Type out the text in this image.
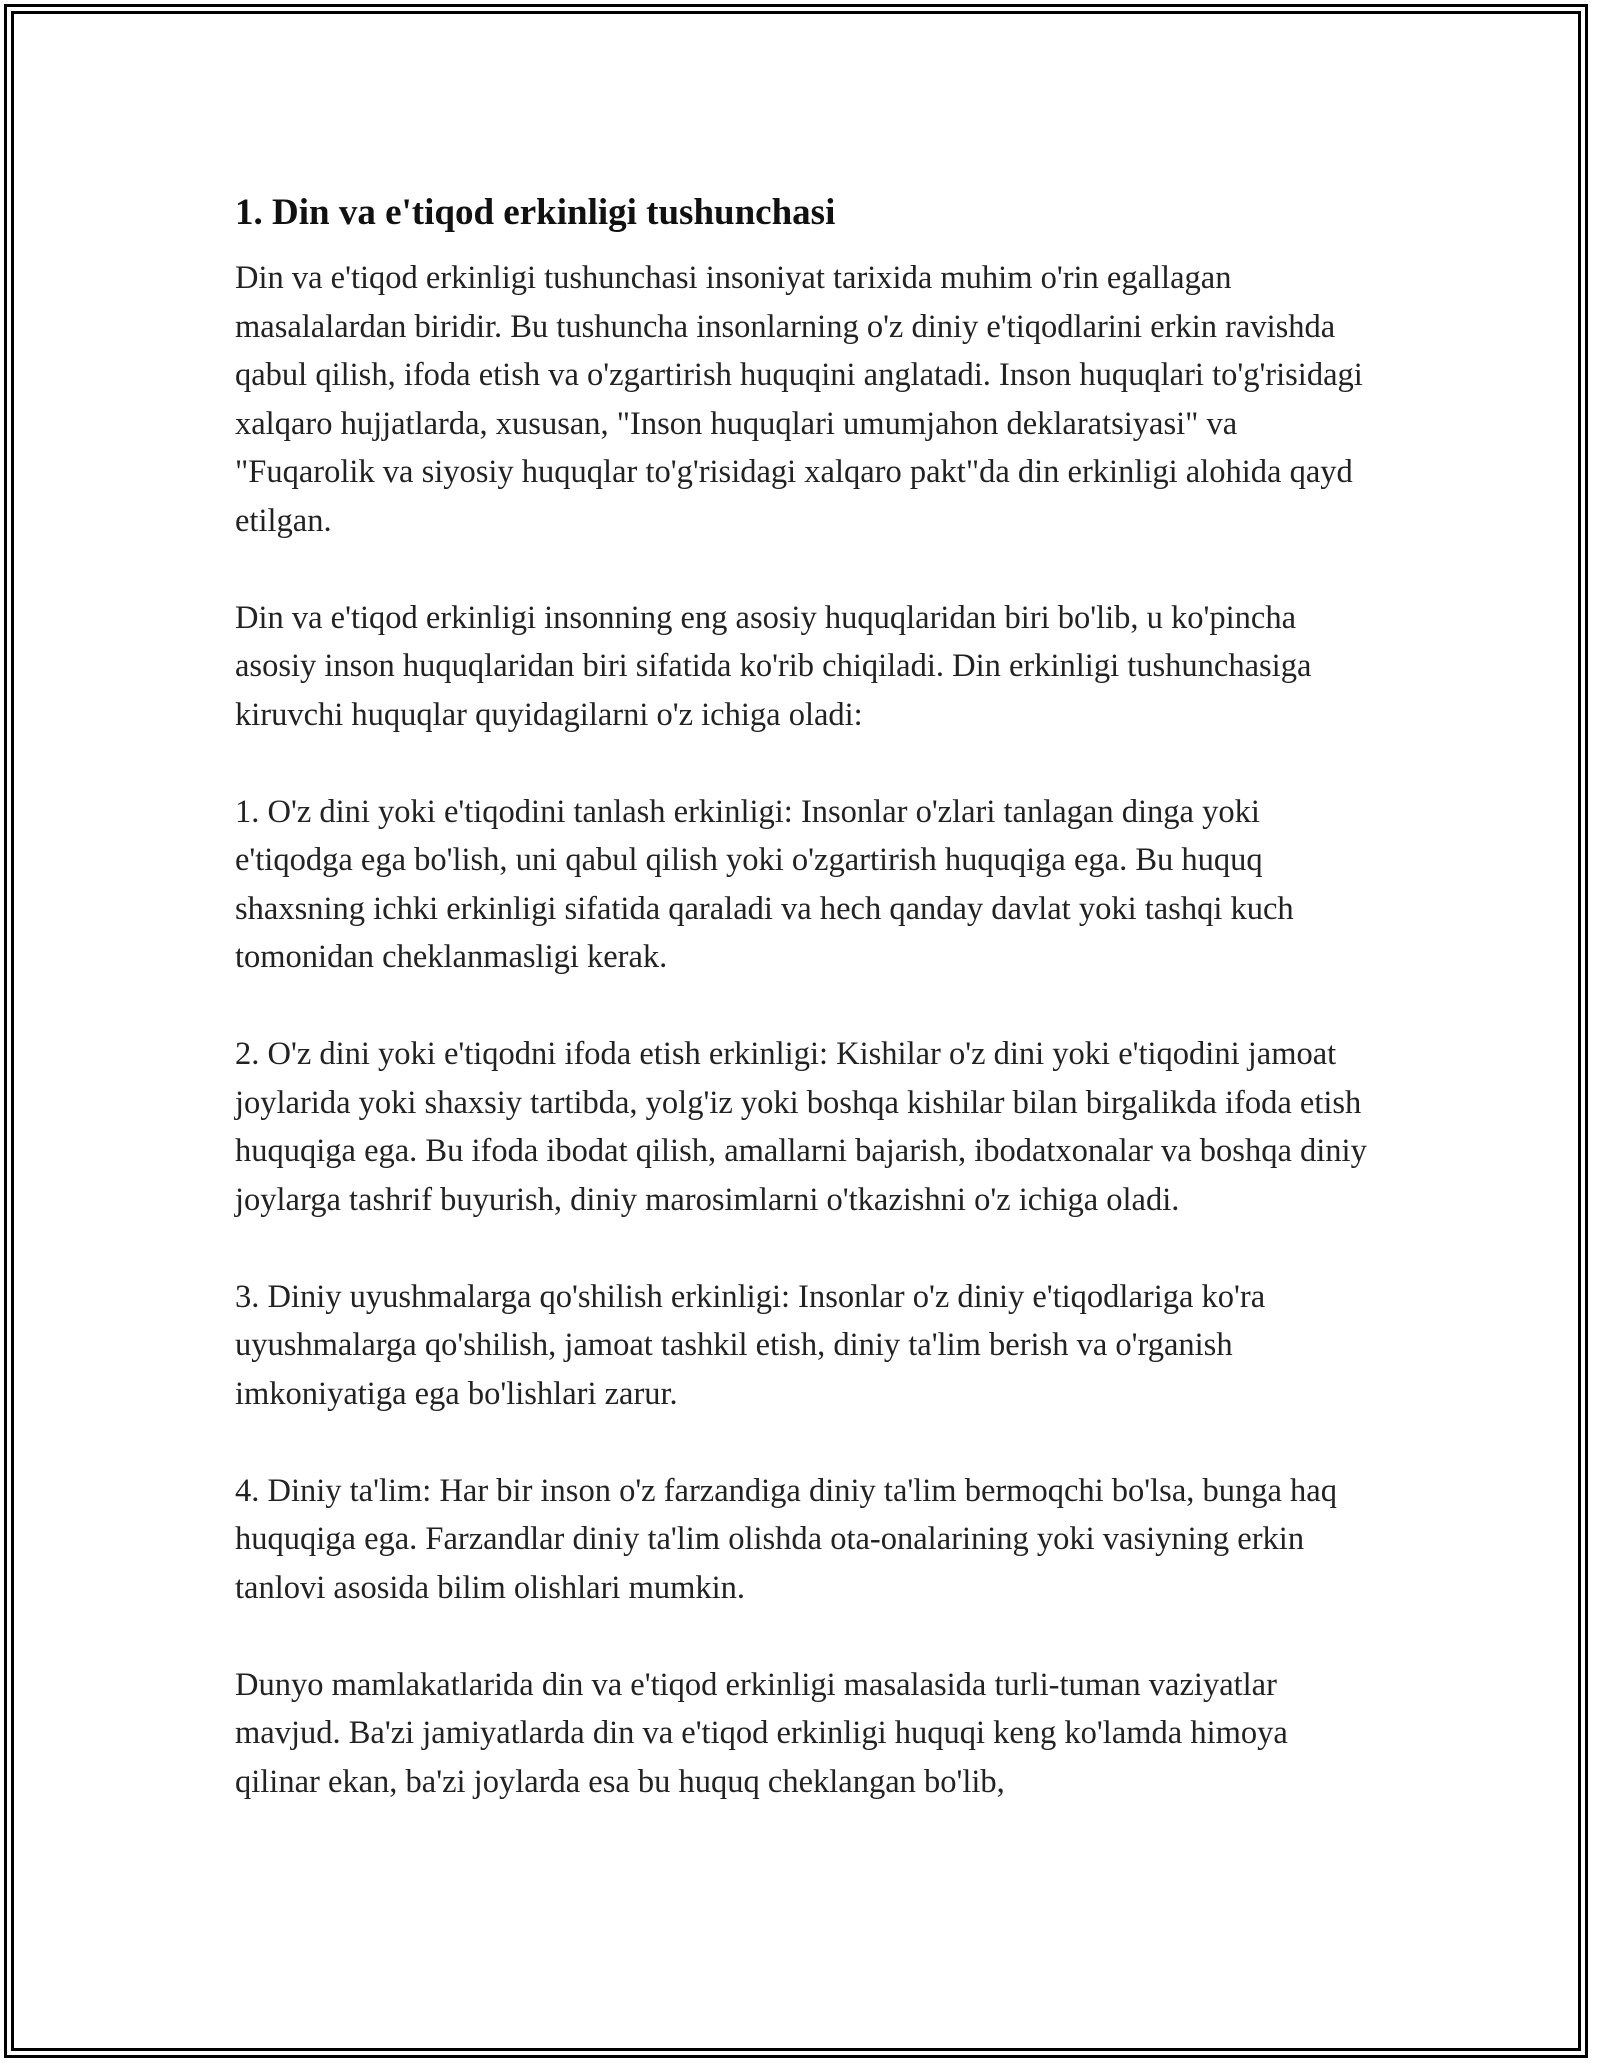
1. Din va e'tiqod erkinligi tushunchasi

Din va e'tiqod erkinligi tushunchasi insoniyat tarixida muhim o'rin egallagan masalalardan biridir. Bu tushuncha insonlarning o'z diniy e'tiqodlarini erkin ravishda qabul qilish, ifoda etish va o'zgartirish huquqini anglatadi. Inson huquqlari to'g'risidagi xalqaro hujjatlarda, xususan, "Inson huquqlari umumjahon deklaratsiyasi" va "Fuqarolik va siyosiy huquqlar to'g'risidagi xalqaro pakt"da din erkinligi alohida qayd etilgan.

Din va e'tiqod erkinligi insonning eng asosiy huquqlaridan biri bo'lib, u ko'pincha asosiy inson huquqlaridan biri sifatida ko'rib chiqiladi. Din erkinligi tushunchasiga kiruvchi huquqlar quyidagilarni o'z ichiga oladi:

1. O'z dini yoki e'tiqodini tanlash erkinligi: Insonlar o'zlari tanlagan dinga yoki e'tiqodga ega bo'lish, uni qabul qilish yoki o'zgartirish huquqiga ega. Bu huquq shaxsning ichki erkinligi sifatida qaraladi va hech qanday davlat yoki tashqi kuch tomonidan cheklanmasligi kerak.

2. O'z dini yoki e'tiqodni ifoda etish erkinligi: Kishilar o'z dini yoki e'tiqodini jamoat joylarida yoki shaxsiy tartibda, yolg'iz yoki boshqa kishilar bilan birgalikda ifoda etish huquqiga ega. Bu ifoda ibodat qilish, amallarni bajarish, ibodatxonalar va boshqa diniy joylarga tashrif buyurish, diniy marosimlarni o'tkazishni o'z ichiga oladi.

3. Diniy uyushmalarga qo'shilish erkinligi: Insonlar o'z diniy e'tiqodlariga ko'ra uyushmalarga qo'shilish, jamoat tashkil etish, diniy ta'lim berish va o'rganish imkoniyatiga ega bo'lishlari zarur.

4. Diniy ta'lim: Har bir inson o'z farzandiga diniy ta'lim bermoqchi bo'lsa, bunga haq huquqiga ega. Farzandlar diniy ta'lim olishda ota-onalarining yoki vasiyning erkin tanlovi asosida bilim olishlari mumkin.

Dunyo mamlakatlarida din va e'tiqod erkinligi masalasida turli-tuman vaziyatlar mavjud. Ba'zi jamiyatlarda din va e'tiqod erkinligi huquqi keng ko'lamda himoya qilinar ekan, ba'zi joylarda esa bu huquq cheklangan bo'lib,
